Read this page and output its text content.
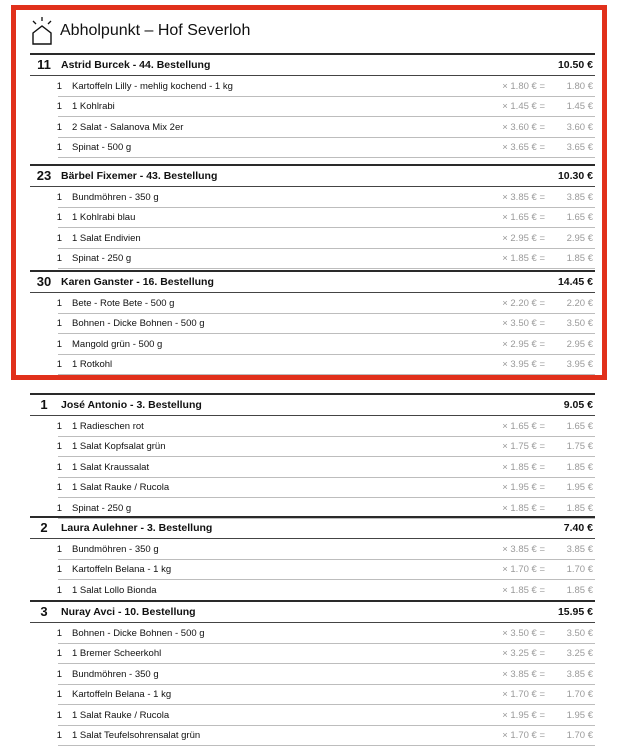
Abholpunkt – Hof Severloh
11 Astrid Burcek - 44. Bestellung	10.50 €
1	Kartoffeln Lilly - mehlig kochend - 1 kg	× 1.80 € =	1.80 €
1	1 Kohlrabi	× 1.45 € =	1.45 €
1	2 Salat - Salanova Mix 2er	× 3.60 € =	3.60 €
1	Spinat - 500 g	× 3.65 € =	3.65 €
23 Bärbel Fixemer - 43. Bestellung	10.30 €
1	Bundmöhren - 350 g	× 3.85 € =	3.85 €
1	1 Kohlrabi blau	× 1.65 € =	1.65 €
1	1 Salat Endivien	× 2.95 € =	2.95 €
1	Spinat - 250 g	× 1.85 € =	1.85 €
30 Karen Ganster - 16. Bestellung	14.45 €
1	Bete - Rote Bete - 500 g	× 2.20 € =	2.20 €
1	Bohnen - Dicke Bohnen - 500 g	× 3.50 € =	3.50 €
1	Mangold grün - 500 g	× 2.95 € =	2.95 €
1	1 Rotkohl	× 3.95 € =	3.95 €
1	José Antonio - 3. Bestellung	9.05 €
1	1 Radieschen rot	× 1.65 € =	1.65 €
1	1 Salat Kopfsalat grün	× 1.75 € =	1.75 €
1	1 Salat Kraussalat	× 1.85 € =	1.85 €
1	1 Salat Rauke / Rucola	× 1.95 € =	1.95 €
1	Spinat - 250 g	× 1.85 € =	1.85 €
2	Laura Aulehner - 3. Bestellung	7.40 €
1	Bundmöhren - 350 g	× 3.85 € =	3.85 €
1	Kartoffeln Belana - 1 kg	× 1.70 € =	1.70 €
1	1 Salat Lollo Bionda	× 1.85 € =	1.85 €
3	Nuray Avci - 10. Bestellung	15.95 €
1	Bohnen - Dicke Bohnen - 500 g	× 3.50 € =	3.50 €
1	1 Bremer Scheerkohl	× 3.25 € =	3.25 €
1	Bundmöhren - 350 g	× 3.85 € =	3.85 €
1	Kartoffeln Belana - 1 kg	× 1.70 € =	1.70 €
1	1 Salat Rauke / Rucola	× 1.95 € =	1.95 €
1	1 Salat Teufelsohrensalat grün	× 1.70 € =	1.70 €
